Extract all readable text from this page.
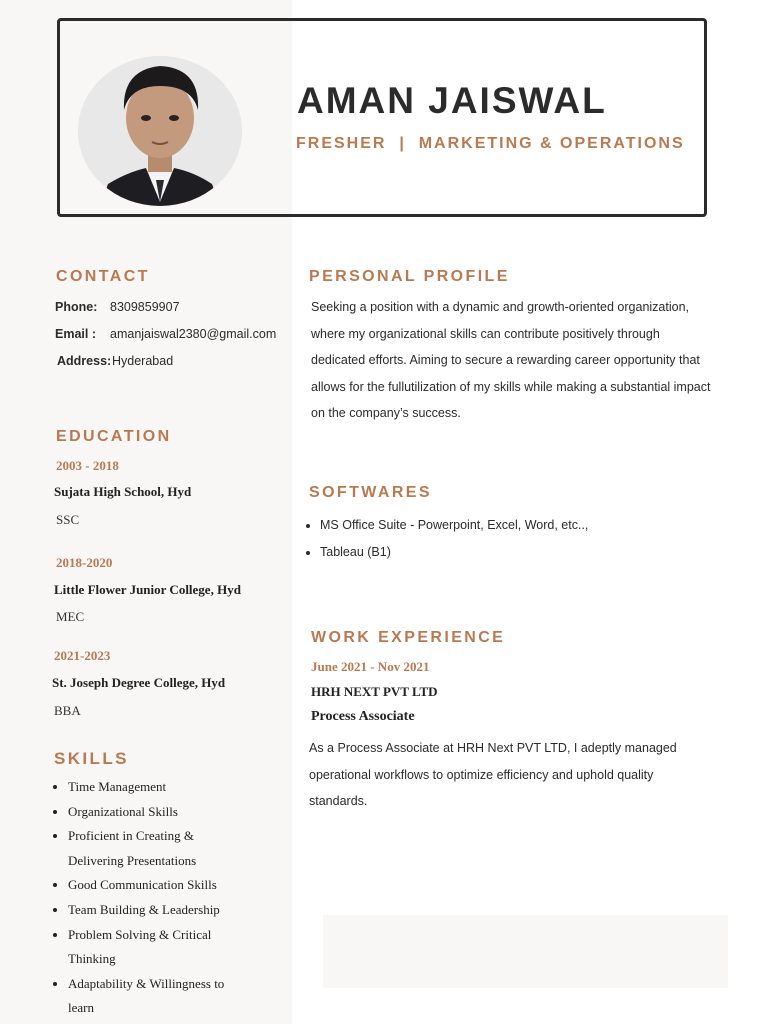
AMAN JAISWAL
FRESHER  |  MARKETING & OPERATIONS
CONTACT
Phone: 8309859907
Email : amanjaiswal2380@gmail.com
Address: Hyderabad
EDUCATION
2003 - 2018
Sujata High School, Hyd
SSC
2018-2020
Little Flower Junior College, Hyd
MEC
2021-2023
St. Joseph Degree College, Hyd
BBA
SKILLS
• Time Management
• Organizational Skills
• Proficient in Creating & Delivering Presentations
• Good Communication Skills
• Team Building & Leadership
• Problem Solving & Critical Thinking
• Adaptability & Willingness to learn
PERSONAL PROFILE

Seeking a position with a dynamic and growth-oriented organization, where my organizational skills can contribute positively through dedicated efforts. Aiming to secure a rewarding career opportunity that allows for the fullutilization of my skills while making a substantial impact on the company’s success.

SOFTWARES
• MS Office Suite - Powerpoint, Excel, Word, etc..,
• Tableau (B1)
WORK EXPERIENCE
June 2021 - Nov 2021
HRH NEXT PVT LTD
Process Associate

As a Process Associate at HRH Next PVT LTD, I adeptly managed operational workflows to optimize efficiency and uphold quality standards.
